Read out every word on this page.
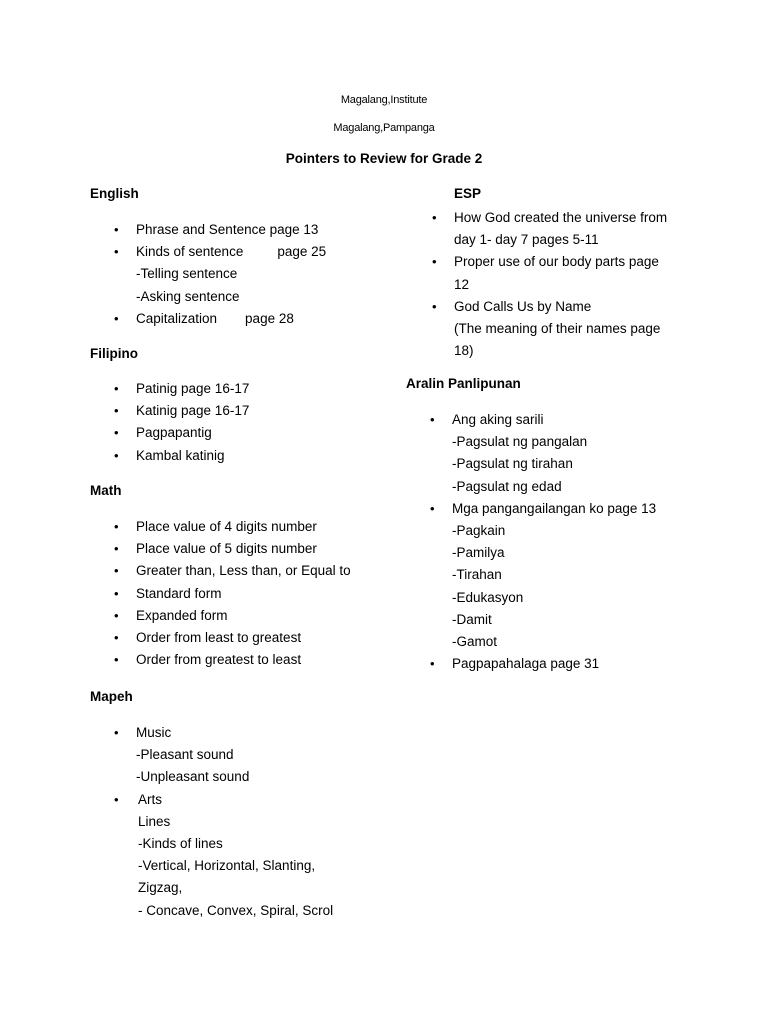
Magalang,Institute
Magalang,Pampanga
Pointers to Review for Grade 2
English
• Phrase and Sentence page 13
• Kinds of sentence	page 25
-Telling sentence
-Asking sentence
• Capitalization page 28
Filipino
• Patinig page 16-17
• Katinig page 16-17
• Pagpapantig
• Kambal katinig
Math
• Place value of 4 digits number
• Place value of 5 digits number
• Greater than, Less than, or Equal to
• Standard form
• Expanded form
• Order from least to greatest
• Order from greatest to least
Mapeh
• Music
-Pleasant sound
-Unpleasant sound
• Arts
Lines
-Kinds of lines
-Vertical, Horizontal, Slanting,
Zigzag,
- Concave, Convex, Spiral, Scrol
ESP
• How God created the universe from
day 1- day 7 pages 5-11
• Proper use of our body parts page
12
• God Calls Us by Name
(The meaning of their names page
18)
Aralin Panlipunan
• Ang aking sarili
-Pagsulat ng pangalan
-Pagsulat ng tirahan
-Pagsulat ng edad
• Mga pangangailangan ko page 13
-Pagkain
-Pamilya
-Tirahan
-Edukasyon
-Damit
-Gamot
• Pagpapahalaga page 31
